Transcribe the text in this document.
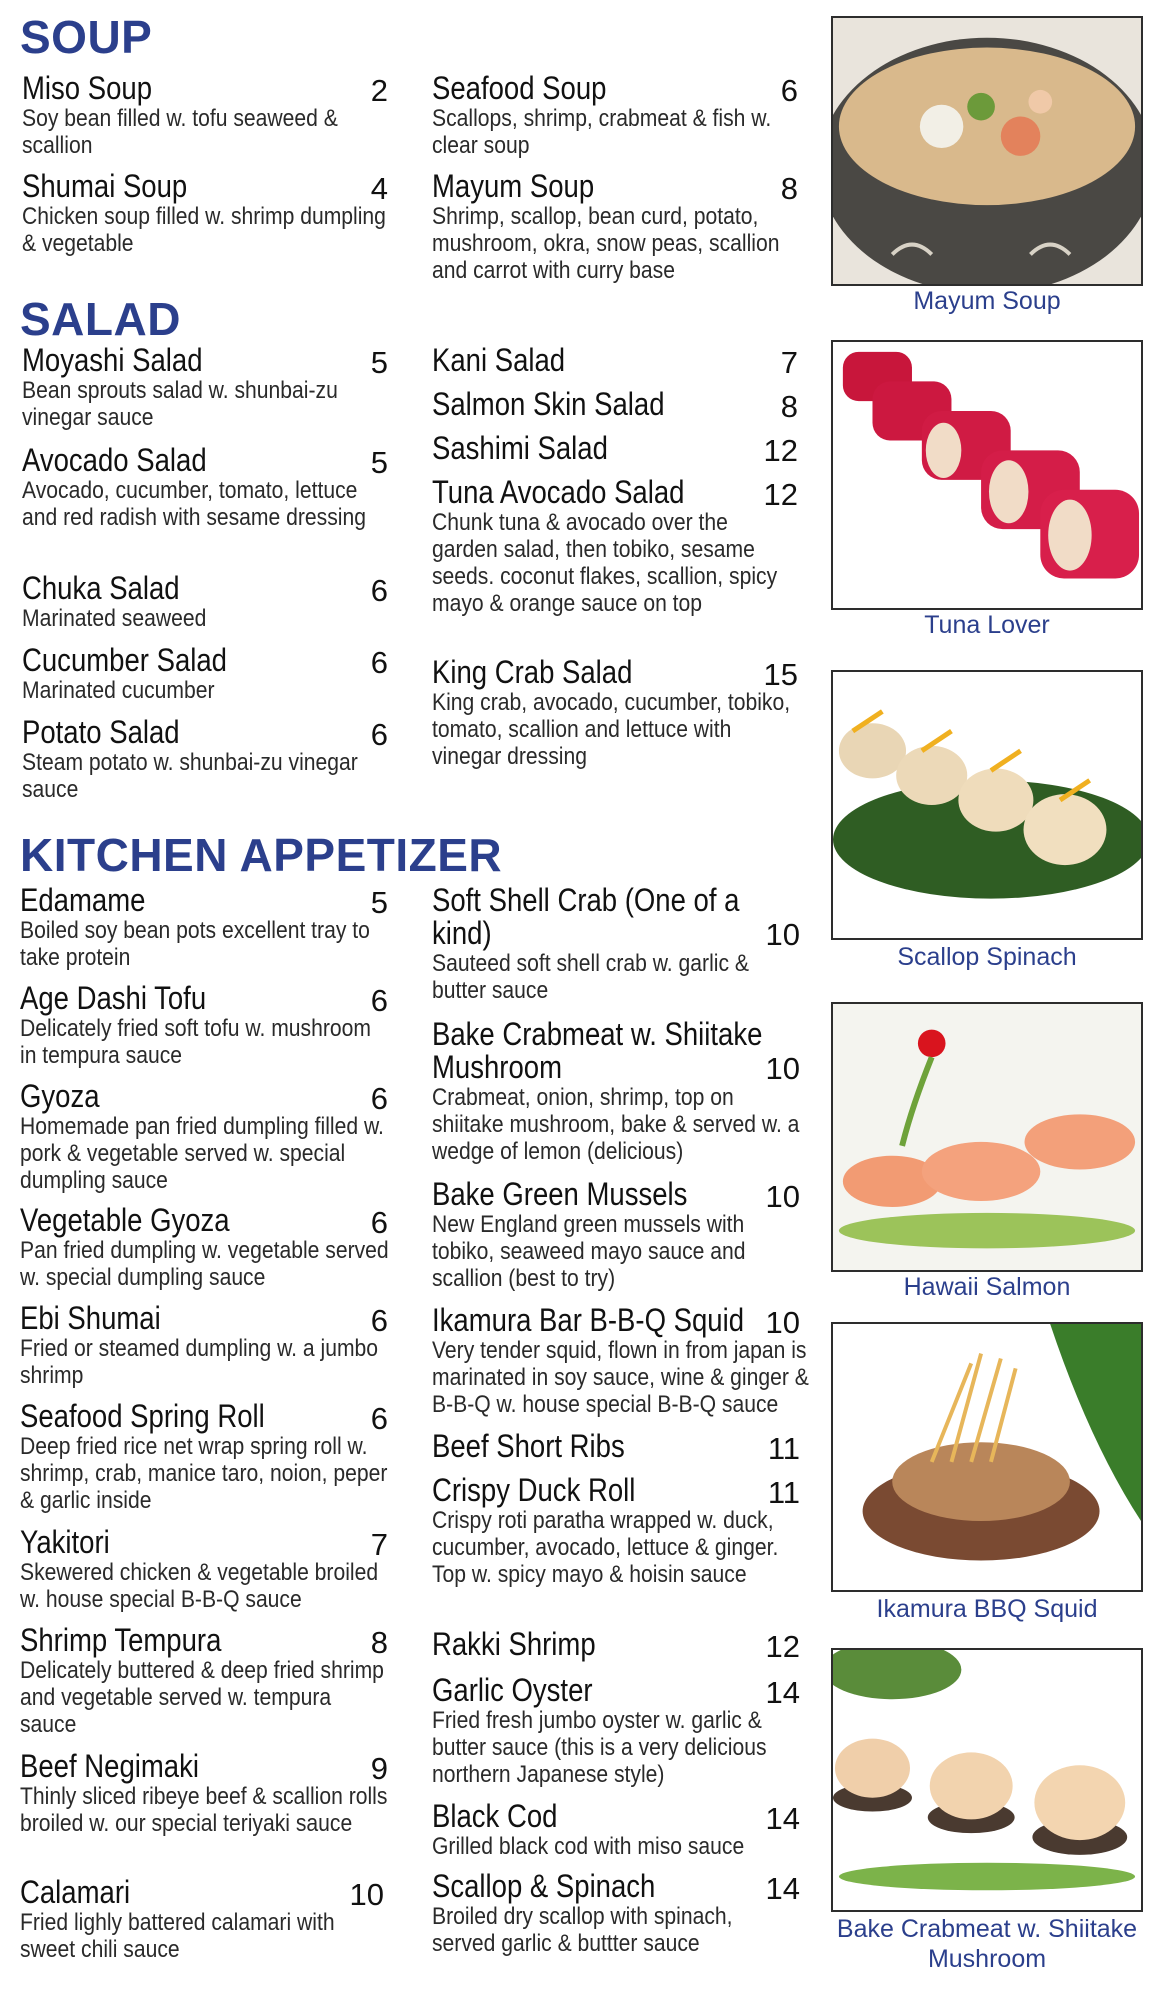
SOUP
SALAD
KITCHEN APPETIZER
Miso Soup	2
Soy bean filled w. tofu seaweed & scallion
Shumai Soup	4
Chicken soup filled w. shrimp dumpling & vegetable
Seafood Soup	6
Scallops, shrimp, crabmeat & fish w. clear soup
Mayum Soup	8
Shrimp, scallop, bean curd, potato, mushroom, okra, snow peas, scallion and carrot with curry base
Moyashi Salad	5
Bean sprouts salad w. shunbai-zu vinegar sauce
Avocado Salad	5
Avocado, cucumber, tomato, lettuce and red radish with sesame dressing
Chuka Salad	6
Marinated seaweed
Cucumber Salad	6
Marinated cucumber
Potato Salad	6
Steam potato w. shunbai-zu vinegar sauce
Kani Salad	7
Salmon Skin Salad	8
Sashimi Salad	12
Tuna Avocado Salad	12
Chunk tuna & avocado over the garden salad, then tobiko, sesame seeds. coconut flakes, scallion, spicy mayo & orange sauce on top
King Crab Salad	15
King crab, avocado, cucumber, tobiko, tomato, scallion and lettuce with vinegar dressing
Edamame	5
Boiled soy bean pots excellent tray to take protein
Age Dashi Tofu	6
Delicately fried soft tofu w. mushroom in tempura sauce
Gyoza	6
Homemade pan fried dumpling filled w. pork & vegetable served w. special dumpling sauce
Vegetable Gyoza	6
Pan fried dumpling w. vegetable served w. special dumpling sauce
Ebi Shumai	6
Fried or steamed dumpling w. a jumbo shrimp
Seafood Spring Roll	6
Deep fried rice net wrap spring roll w. shrimp, crab, manice taro, noion, peper & garlic inside
Yakitori	7
Skewered chicken & vegetable broiled w. house special B-B-Q sauce
Shrimp Tempura	8
Delicately buttered & deep fried shrimp and vegetable served w. tempura sauce
Beef Negimaki	9
Thinly sliced ribeye beef & scallion rolls broiled w. our special teriyaki sauce
Calamari	10
Fried lighly battered calamari with sweet chili sauce
Soft Shell Crab (One of a kind)	10
Sauteed soft shell crab w. garlic & butter sauce
Bake Crabmeat w. Shiitake Mushroom	10
Crabmeat, onion, shrimp, top on shiitake mushroom, bake & served w. a wedge of lemon (delicious)
Bake Green Mussels	10
New England green mussels with tobiko, seaweed mayo sauce and scallion (best to try)
Ikamura Bar B-B-Q Squid 10
Very tender squid, flown in from japan is marinated in soy sauce, wine & ginger & B-B-Q w. house special B-B-Q sauce
Beef Short Ribs	11
Crispy Duck Roll	11
Crispy roti paratha wrapped w. duck, cucumber, avocado, lettuce & ginger. Top w. spicy mayo & hoisin sauce
Rakki Shrimp	12
Garlic Oyster	14
Fried fresh jumbo oyster w. garlic & butter sauce (this is a very delicious northern Japanese style)
Black Cod	14
Grilled black cod with miso sauce
Scallop & Spinach	14
Broiled dry scallop with spinach, served garlic & buttter sauce
Mayum Soup
Tuna Lover
Scallop Spinach
Hawaii Salmon
Ikamura BBQ Squid
Bake Crabmeat w. Shiitake Mushroom
